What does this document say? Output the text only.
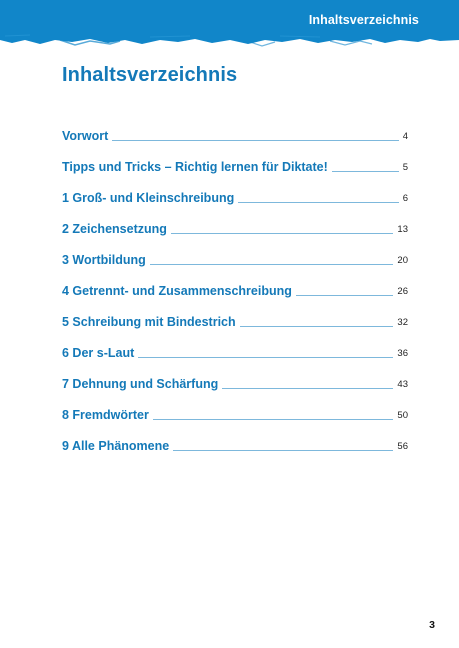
Inhaltsverzeichnis
Inhaltsverzeichnis
Vorwort	4
Tipps und Tricks – Richtig lernen für Diktate!	5
1 Groß- und Kleinschreibung	6
2 Zeichensetzung	13
3 Wortbildung	20
4 Getrennt- und Zusammenschreibung	26
5 Schreibung mit Bindestrich	32
6 Der s-Laut	36
7 Dehnung und Schärfung	43
8 Fremdwörter	50
9 Alle Phänomene	56
3
